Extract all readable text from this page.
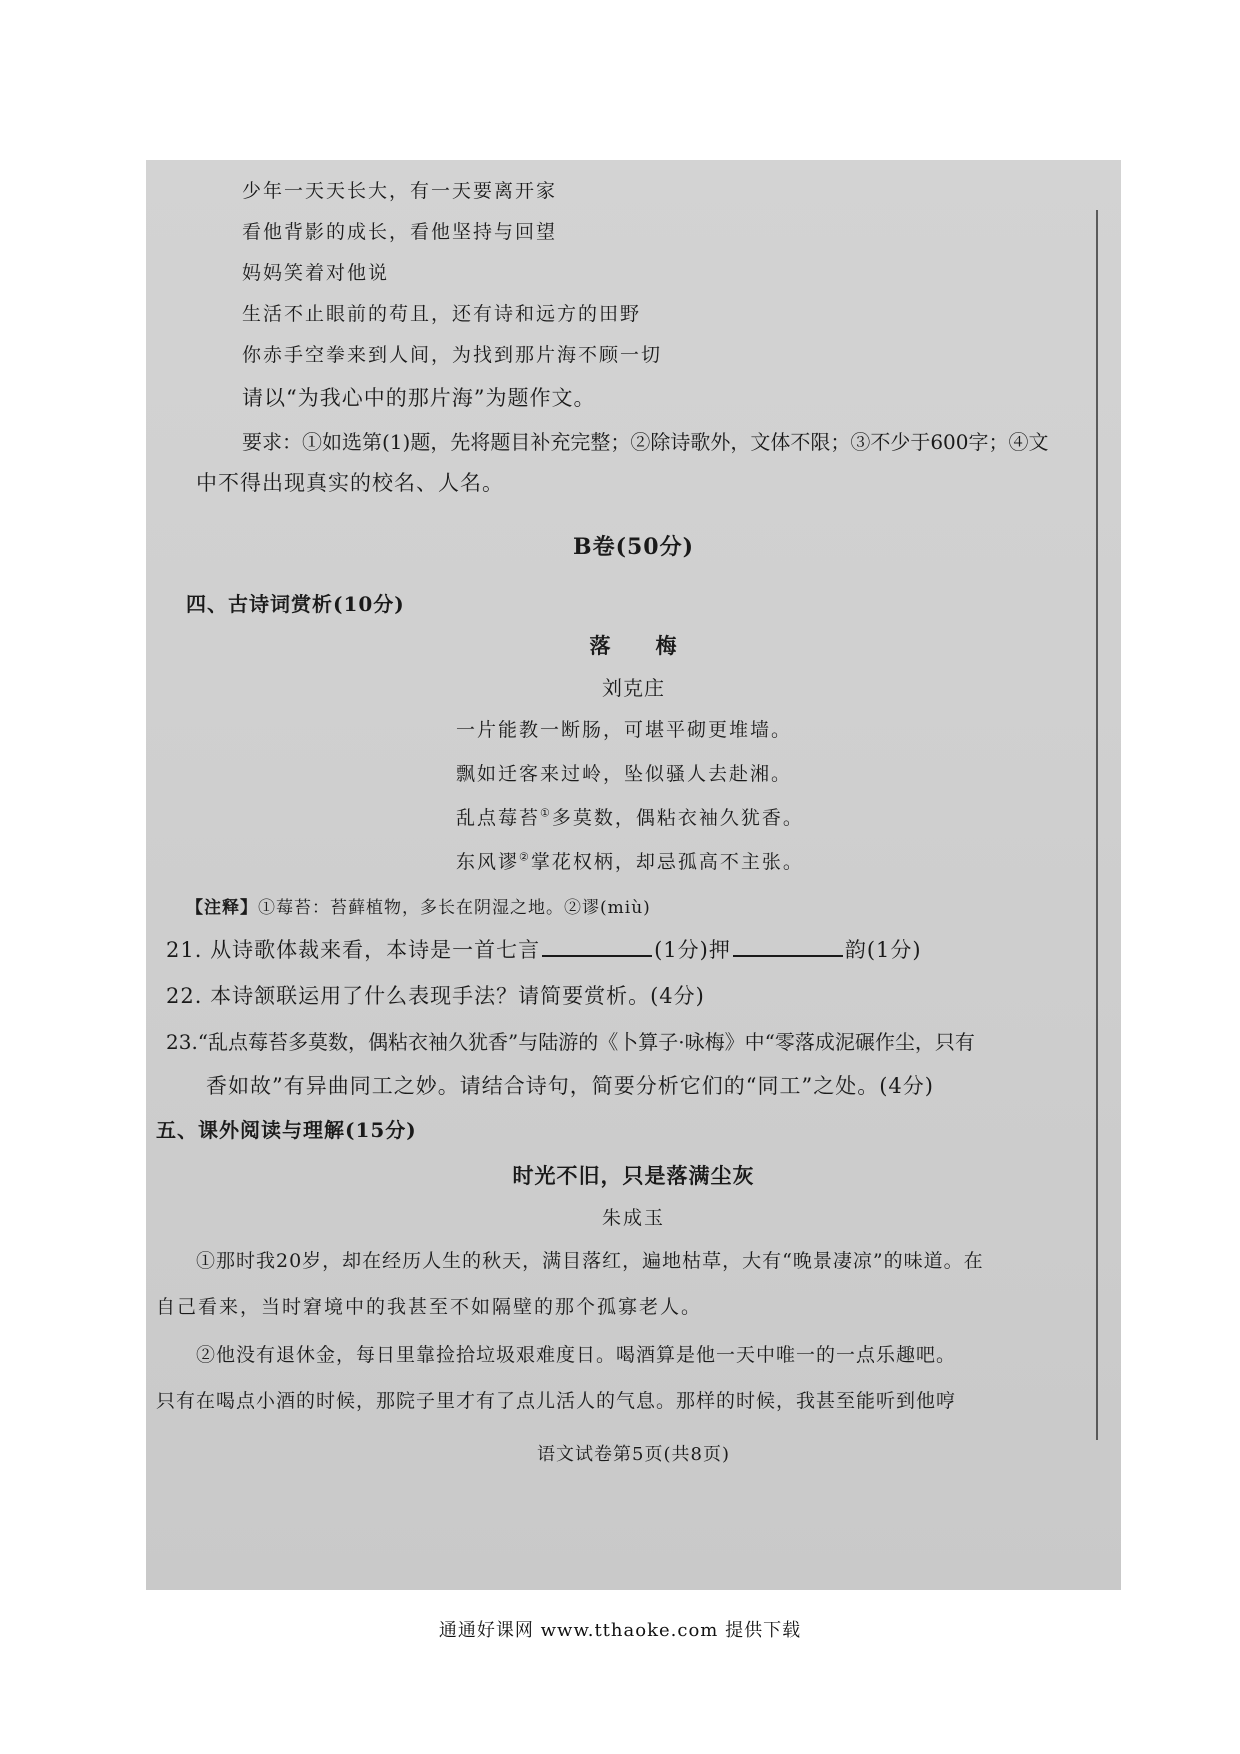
少年一天天长大，有一天要离开家
看他背影的成长，看他坚持与回望
妈妈笑着对他说
生活不止眼前的苟且，还有诗和远方的田野
你赤手空拳来到人间，为找到那片海不顾一切
请以“为我心中的那片海”为题作文。
要求：①如选第(1)题，先将题目补充完整；②除诗歌外，文体不限；③不少于600字；④文
中不得出现真实的校名、人名。
B卷(50分)
四、古诗词赏析(10分)
落　　梅
刘克庄
一片能教一断肠，可堪平砌更堆墙。
飘如迁客来过岭，坠似骚人去赴湘。
乱点莓苔①多莫数，偶粘衣袖久犹香。
东风谬②掌花权柄，却忌孤高不主张。
【注释】①莓苔：苔藓植物，多长在阴湿之地。②谬(miù)
21. 从诗歌体裁来看，本诗是一首七言	(1分)押	韵(1分)
22. 本诗颔联运用了什么表现手法？请简要赏析。(4分)
23.“乱点莓苔多莫数，偶粘衣袖久犹香”与陆游的《卜算子·咏梅》中“零落成泥碾作尘，只有
香如故”有异曲同工之妙。请结合诗句，简要分析它们的“同工”之处。(4分)
五、课外阅读与理解(15分)
时光不旧，只是落满尘灰
朱成玉
①那时我20岁，却在经历人生的秋天，满目落红，遍地枯草，大有“晚景凄凉”的味道。在
自己看来，当时窘境中的我甚至不如隔壁的那个孤寡老人。
②他没有退休金，每日里靠捡拾垃圾艰难度日。喝酒算是他一天中唯一的一点乐趣吧。
只有在喝点小酒的时候，那院子里才有了点儿活人的气息。那样的时候，我甚至能听到他哼
语文试卷第5页(共8页)
通通好课网 www.tthaoke.com 提供下载
